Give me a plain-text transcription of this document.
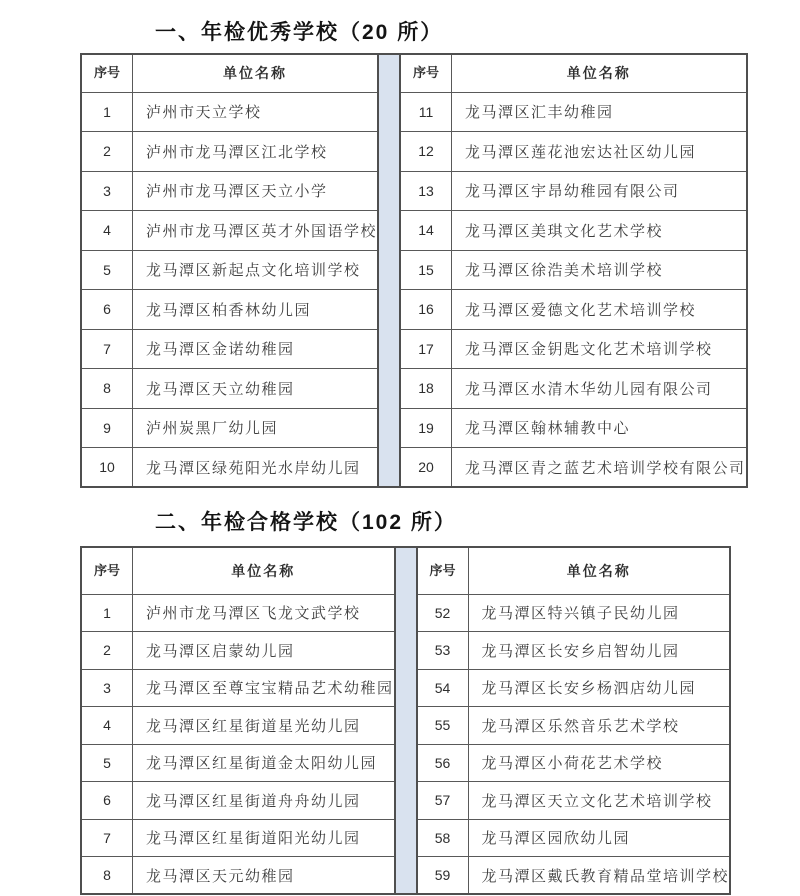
一、年检优秀学校（20 所）
序号	单位名称
1	泸州市天立学校
2	泸州市龙马潭区江北学校
3	泸州市龙马潭区天立小学
4	泸州市龙马潭区英才外国语学校
5	龙马潭区新起点文化培训学校
6	龙马潭区柏香林幼儿园
7	龙马潭区金诺幼稚园
8	龙马潭区天立幼稚园
9	泸州炭黑厂幼儿园
10	龙马潭区绿苑阳光水岸幼儿园
序号	单位名称
11	龙马潭区汇丰幼稚园
12	龙马潭区莲花池宏达社区幼儿园
13	龙马潭区宇昂幼稚园有限公司
14	龙马潭区美琪文化艺术学校
15	龙马潭区徐浩美术培训学校
16	龙马潭区爱德文化艺术培训学校
17	龙马潭区金钥匙文化艺术培训学校
18	龙马潭区水清木华幼儿园有限公司
19	龙马潭区翰林辅教中心
20	龙马潭区青之蓝艺术培训学校有限公司
二、年检合格学校（102 所）
序号	单位名称
1	泸州市龙马潭区飞龙文武学校
2	龙马潭区启蒙幼儿园
3	龙马潭区至尊宝宝精品艺术幼稚园
4	龙马潭区红星街道星光幼儿园
5	龙马潭区红星街道金太阳幼儿园
6	龙马潭区红星街道舟舟幼儿园
7	龙马潭区红星街道阳光幼儿园
8	龙马潭区天元幼稚园
序号	单位名称
52	龙马潭区特兴镇子民幼儿园
53	龙马潭区长安乡启智幼儿园
54	龙马潭区长安乡杨泗店幼儿园
55	龙马潭区乐然音乐艺术学校
56	龙马潭区小荷花艺术学校
57	龙马潭区天立文化艺术培训学校
58	龙马潭区园欣幼儿园
59	龙马潭区戴氏教育精品堂培训学校
